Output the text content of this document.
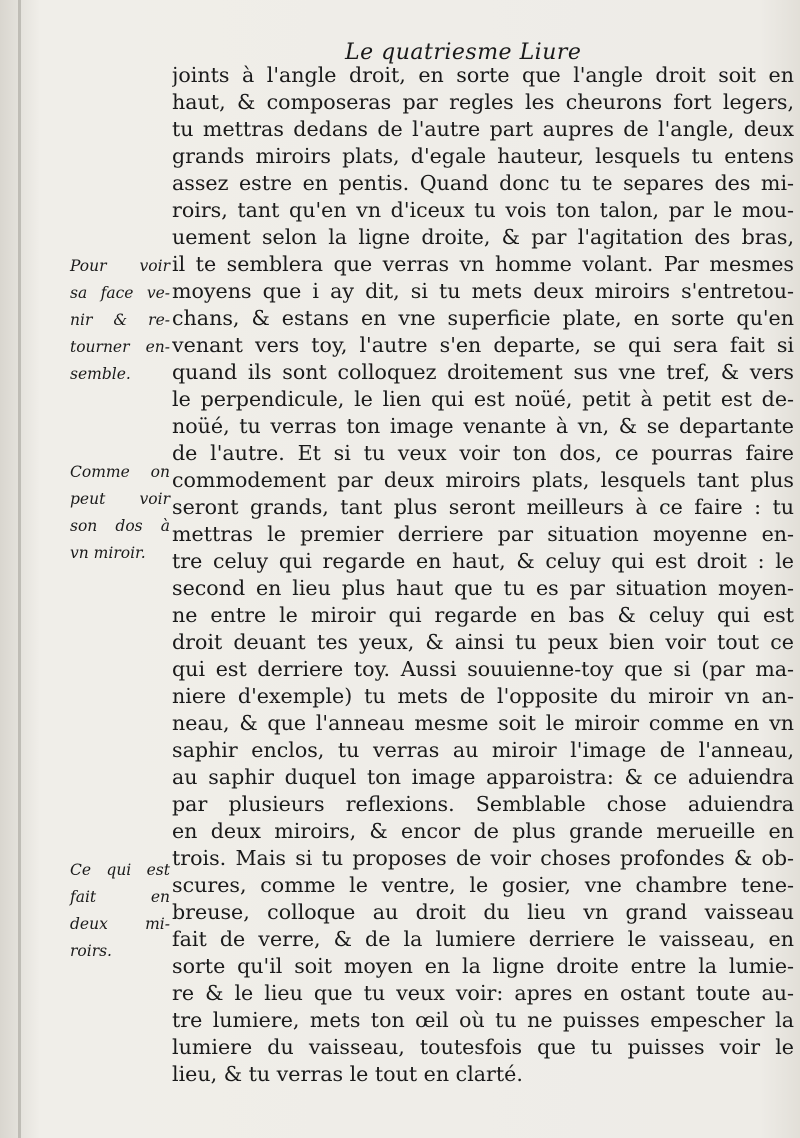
Le quatriesme Liure
joints à l'angle droit, en sorte que l'angle droit soit en
haut, & composeras par regles les cheurons fort legers,
tu mettras dedans de l'autre part aupres de l'angle, deux
grands miroirs plats, d'egale hauteur, lesquels tu entens
assez estre en pentis. Quand donc tu te separes des mi-
roirs, tant qu'en vn d'iceux tu vois ton talon, par le mou-
uement selon la ligne droite, & par l'agitation des bras,
il te semblera que verras vn homme volant. Par mesmes
moyens que i ay dit, si tu mets deux miroirs s'entretou-
chans, & estans en vne superficie plate, en sorte qu'en
venant vers toy, l'autre s'en departe, se qui sera fait si
quand ils sont colloquez droitement sus vne tref, & vers
le perpendicule, le lien qui est noüé, petit à petit est de-
noüé, tu verras ton image venante à vn, & se departante
de l'autre. Et si tu veux voir ton dos, ce pourras faire
commodement par deux miroirs plats, lesquels tant plus
seront grands, tant plus seront meilleurs à ce faire : tu
mettras le premier derriere par situation moyenne en-
tre celuy qui regarde en haut, & celuy qui est droit : le
second en lieu plus haut que tu es par situation moyen-
ne entre le miroir qui regarde en bas & celuy qui est
droit deuant tes yeux, & ainsi tu peux bien voir tout ce
qui est derriere toy. Aussi souuienne-toy que si (par ma-
niere d'exemple) tu mets de l'opposite du miroir vn an-
neau, & que l'anneau mesme soit le miroir comme en vn
saphir enclos, tu verras au miroir l'image de l'anneau,
au saphir duquel ton image apparoistra: & ce aduiendra
par plusieurs reflexions. Semblable chose aduiendra
en deux miroirs, & encor de plus grande merueille en
trois. Mais si tu proposes de voir choses profondes & ob-
scures, comme le ventre, le gosier, vne chambre tene-
breuse, colloque au droit du lieu vn grand vaisseau
fait de verre, & de la lumiere derriere le vaisseau, en
sorte qu'il soit moyen en la ligne droite entre la lumie-
re & le lieu que tu veux voir: apres en ostant toute au-
tre lumiere, mets ton œil où tu ne puisses empescher la
lumiere du vaisseau, toutesfois que tu puisses voir le
lieu, & tu verras le tout en clarté.
Pour voir
sa face ve-
nir & re-
tourner en-
semble.
Comme on
peut voir
son dos à
vn miroir.
Ce qui est
fait en
deux mi-
roirs.
